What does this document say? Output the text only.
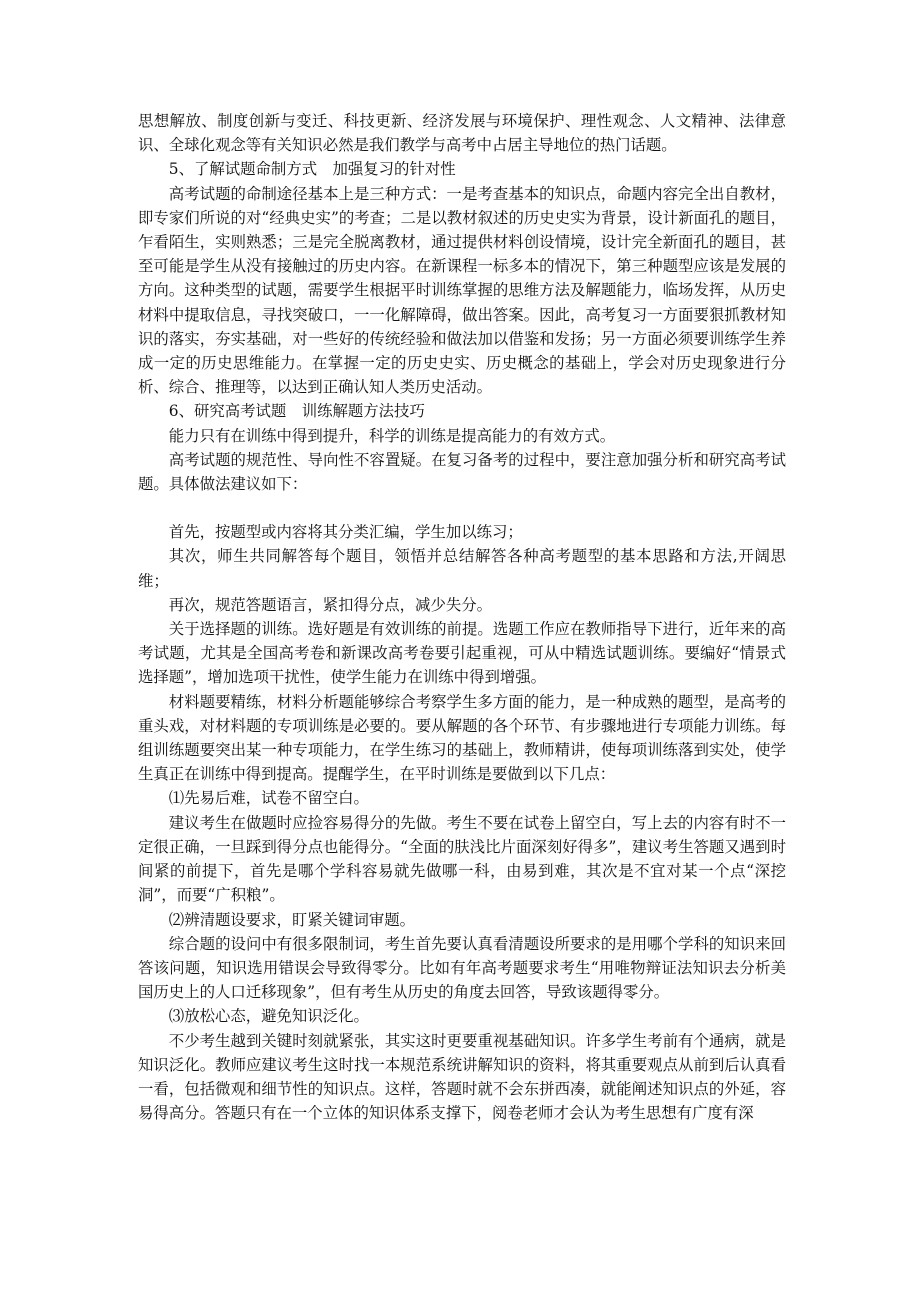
思想解放、制度创新与变迁、科技更新、经济发展与环境保护、理性观念、人文精神、法律意识、全球化观念等有关知识必然是我们教学与高考中占居主导地位的热门话题。

5、了解试题命制方式　加强复习的针对性

高考试题的命制途径基本上是三种方式：一是考查基本的知识点，命题内容完全出自教材，即专家们所说的对“经典史实”的考查；二是以教材叙述的历史史实为背景，设计新面孔的题目，乍看陌生，实则熟悉；三是完全脱离教材，通过提供材料创设情境，设计完全新面孔的题目，甚至可能是学生从没有接触过的历史内容。在新课程一标多本的情况下，第三种题型应该是发展的方向。这种类型的试题，需要学生根据平时训练掌握的思维方法及解题能力，临场发挥，从历史材料中提取信息，寻找突破口，一一化解障碍，做出答案。因此，高考复习一方面要狠抓教材知识的落实，夯实基础，对一些好的传统经验和做法加以借鉴和发扬；另一方面必须要训练学生养成一定的历史思维能力。在掌握一定的历史史实、历史概念的基础上，学会对历史现象进行分析、综合、推理等，以达到正确认知人类历史活动。

6、研究高考试题　训练解题方法技巧

能力只有在训练中得到提升，科学的训练是提高能力的有效方式。

高考试题的规范性、导向性不容置疑。在复习备考的过程中，要注意加强分析和研究高考试题。具体做法建议如下：

首先，按题型或内容将其分类汇编，学生加以练习；

其次，师生共同解答每个题目，领悟并总结解答各种高考题型的基本思路和方法,开阔思维；

再次，规范答题语言，紧扣得分点，减少失分。

关于选择题的训练。选好题是有效训练的前提。选题工作应在教师指导下进行，近年来的高考试题，尤其是全国高考卷和新课改高考卷要引起重视，可从中精选试题训练。要编好“情景式选择题”，增加选项干扰性，使学生能力在训练中得到增强。

材料题要精练，材料分析题能够综合考察学生多方面的能力，是一种成熟的题型，是高考的重头戏，对材料题的专项训练是必要的。要从解题的各个环节、有步骤地进行专项能力训练。每组训练题要突出某一种专项能力，在学生练习的基础上，教师精讲，使每项训练落到实处，使学生真正在训练中得到提高。提醒学生，在平时训练是要做到以下几点：

⑴先易后难，试卷不留空白。

建议考生在做题时应捡容易得分的先做。考生不要在试卷上留空白，写上去的内容有时不一定很正确，一旦踩到得分点也能得分。“全面的肤浅比片面深刻好得多”，建议考生答题又遇到时间紧的前提下，首先是哪个学科容易就先做哪一科，由易到难，其次是不宜对某一个点“深挖洞”，而要“广积粮”。

⑵辨清题设要求，盯紧关键词审题。

综合题的设问中有很多限制词，考生首先要认真看清题设所要求的是用哪个学科的知识来回答该问题，知识选用错误会导致得零分。比如有年高考题要求考生“用唯物辩证法知识去分析美国历史上的人口迁移现象”，但有考生从历史的角度去回答，导致该题得零分。

⑶放松心态，避免知识泛化。

不少考生越到关键时刻就紧张，其实这时更要重视基础知识。许多学生考前有个通病，就是知识泛化。教师应建议考生这时找一本规范系统讲解知识的资料，将其重要观点从前到后认真看一看，包括微观和细节性的知识点。这样，答题时就不会东拼西凑，就能阐述知识点的外延，容易得高分。答题只有在一个立体的知识体系支撑下，阅卷老师才会认为考生思想有广度有深
